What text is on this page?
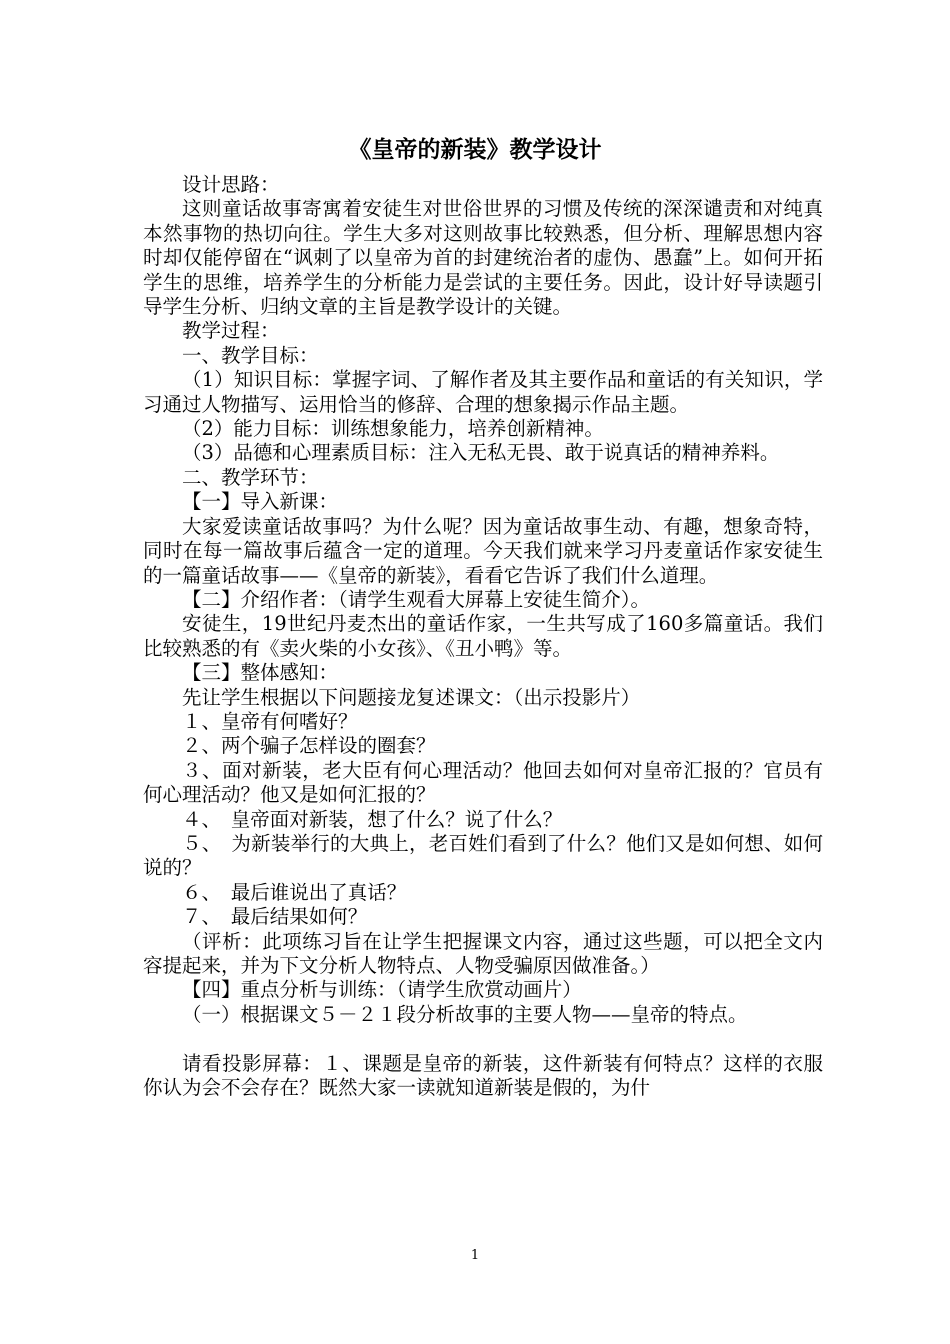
《皇帝的新装》教学设计

设计思路：

这则童话故事寄寓着安徒生对世俗世界的习惯及传统的深深谴责和对纯真本然事物的热切向往。学生大多对这则故事比较熟悉，但分析、理解思想内容时却仅能停留在“讽刺了以皇帝为首的封建统治者的虚伪、愚蠢”上。如何开拓学生的思维，培养学生的分析能力是尝试的主要任务。因此，设计好导读题引导学生分析、归纳文章的主旨是教学设计的关键。

教学过程：

一、教学目标：

（1）知识目标：掌握字词、了解作者及其主要作品和童话的有关知识，学习通过人物描写、运用恰当的修辞、合理的想象揭示作品主题。

（2）能力目标：训练想象能力，培养创新精神。

（3）品德和心理素质目标：注入无私无畏、敢于说真话的精神养料。

二、教学环节：

【一】导入新课：

大家爱读童话故事吗？为什么呢？因为童话故事生动、有趣，想象奇特，同时在每一篇故事后蕴含一定的道理。今天我们就来学习丹麦童话作家安徒生的一篇童话故事——《皇帝的新装》，看看它告诉了我们什么道理。

【二】介绍作者：（请学生观看大屏幕上安徒生简介）。

安徒生，19世纪丹麦杰出的童话作家，一生共写成了160多篇童话。我们比较熟悉的有《卖火柴的小女孩》、《丑小鸭》等。

【三】整体感知：

先让学生根据以下问题接龙复述课文：（出示投影片）

１、皇帝有何嗜好？

２、两个骗子怎样设的圈套？

３、面对新装，老大臣有何心理活动？他回去如何对皇帝汇报的？官员有何心理活动？他又是如何汇报的？

４、　皇帝面对新装，想了什么？说了什么？

５、　为新装举行的大典上，老百姓们看到了什么？他们又是如何想、如何说的？

６、　最后谁说出了真话？

７、　最后结果如何？

（评析：此项练习旨在让学生把握课文内容，通过这些题，可以把全文内容提起来，并为下文分析人物特点、人物受骗原因做准备。）

【四】重点分析与训练：（请学生欣赏动画片）

（一）根据课文５－２１段分析故事的主要人物——皇帝的特点。

请看投影屏幕：１、课题是皇帝的新装，这件新装有何特点？这样的衣服你认为会不会存在？既然大家一读就知道新装是假的，为什

1
